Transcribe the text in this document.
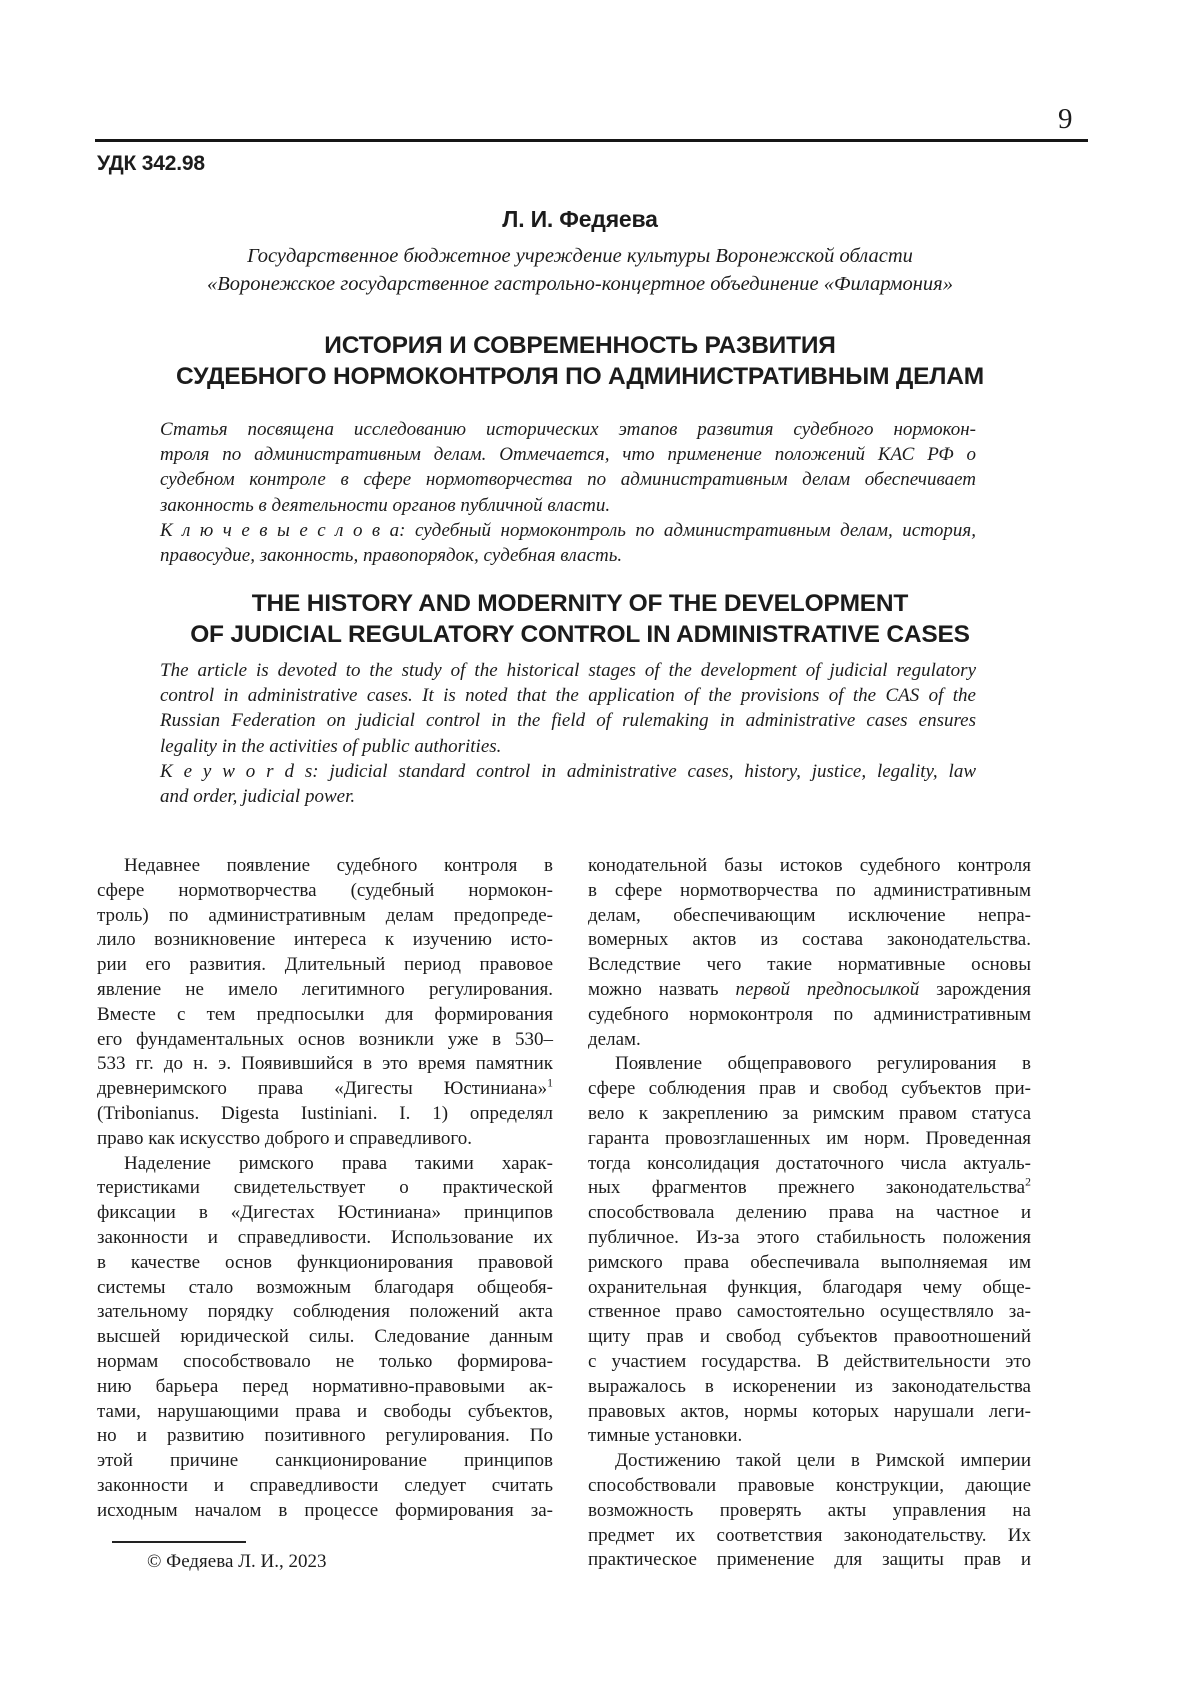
9
УДК 342.98
Л. И. Федяева
Государственное бюджетное учреждение культуры Воронежской области
«Воронежское государственное гастрольно-концертное объединение «Филармония»
ИСТОРИЯ И СОВРЕМЕННОСТЬ РАЗВИТИЯ
СУДЕБНОГО НОРМОКОНТРОЛЯ ПО АДМИНИСТРАТИВНЫМ ДЕЛАМ
Статья посвящена исследованию исторических этапов развития судебного нормокон-
троля по административным делам. Отмечается, что применение положений КАС РФ о
судебном контроле в сфере нормотворчества по административным делам обеспечивает
законность в деятельности органов публичной власти.
К л ю ч е в ы е с л о в а: судебный нормоконтроль по административным делам, история,
правосудие, законность, правопорядок, судебная власть.
THE HISTORY AND MODERNITY OF THE DEVELOPMENT
OF JUDICIAL REGULATORY CONTROL IN ADMINISTRATIVE CASES
The article is devoted to the study of the historical stages of the development of judicial regulatory
control in administrative cases. It is noted that the application of the provisions of the CAS of the
Russian Federation on judicial control in the field of rulemaking in administrative cases ensures
legality in the activities of public authorities.
K e y w o r d s: judicial standard control in administrative cases, history, justice, legality, law
and order, judicial power.
Недавнее появление судебного контроля в
сфере нормотворчества (судебный нормокон-
троль) по административным делам предопреде-
лило возникновение интереса к изучению исто-
рии его развития. Длительный период правовое
явление не имело легитимного регулирования.
Вместе с тем предпосылки для формирования
его фундаментальных основ возникли уже в 530–
533 гг. до н. э. Появившийся в это время памятник
древнеримского права «Дигесты Юстиниана»$^1$
(Tribonianus. Digesta Iustiniani. I. 1) определял
право как искусство доброго и справедливого.
Наделение римского права такими харак-
теристиками свидетельствует о практической
фиксации в «Дигестах Юстиниана» принципов
законности и справедливости. Использование их
в качестве основ функционирования правовой
системы стало возможным благодаря общеобя-
зательному порядку соблюдения положений акта
высшей юридической силы. Следование данным
нормам способствовало не только формирова-
нию барьера перед нормативно-правовыми ак-
тами, нарушающими права и свободы субъектов,
но и развитию позитивного регулирования. По
этой причине санкционирование принципов
законности и справедливости следует считать
исходным началом в процессе формирования за-
конодательной базы истоков судебного контроля
в сфере нормотворчества по административным
делам, обеспечивающим исключение непра-
вомерных актов из состава законодательства.
Вследствие чего такие нормативные основы
можно назвать первой предпосылкой зарождения
судебного нормоконтроля по административным
делам.
Появление общеправового регулирования в
сфере соблюдения прав и свобод субъектов при-
вело к закреплению за римским правом статуса
гаранта провозглашенных им норм. Проведенная
тогда консолидация достаточного числа актуаль-
ных фрагментов прежнего законодательства$^2$
способствовала делению права на частное и
публичное. Из-за этого стабильность положения
римского права обеспечивала выполняемая им
охранительная функция, благодаря чему обще-
ственное право самостоятельно осуществляло за-
щиту прав и свобод субъектов правоотношений
с участием государства. В действительности это
выражалось в искоренении из законодательства
правовых актов, нормы которых нарушали леги-
тимные установки.
Достижению такой цели в Римской империи
способствовали правовые конструкции, дающие
возможность проверять акты управления на
предмет их соответствия законодательству. Их
практическое применение для защиты прав и
© Федяева Л. И., 2023
